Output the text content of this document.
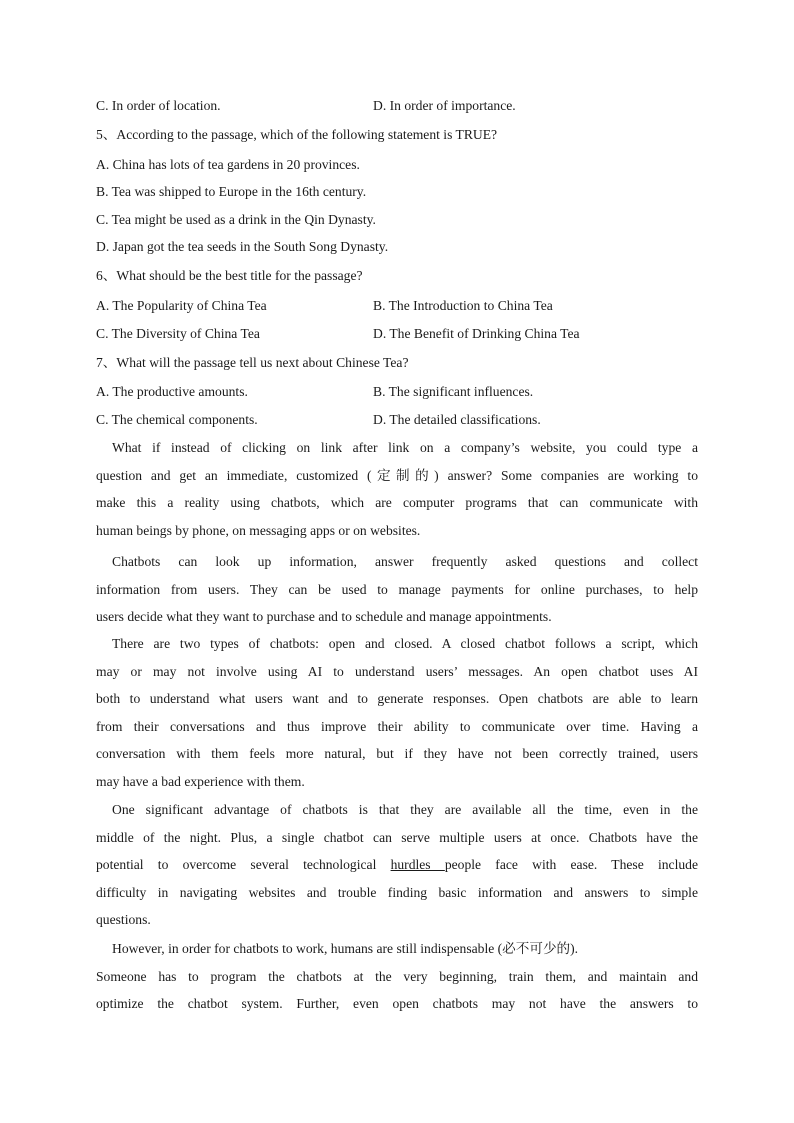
C. In order of location.	D. In order of importance.
5、According to the passage, which of the following statement is TRUE?
A. China has lots of tea gardens in 20 provinces.
B. Tea was shipped to Europe in the 16th century.
C. Tea might be used as a drink in the Qin Dynasty.
D. Japan got the tea seeds in the South Song Dynasty.
6、What should be the best title for the passage?
A. The Popularity of China Tea	B. The Introduction to China Tea
C. The Diversity of China Tea	D. The Benefit of Drinking China Tea
7、What will the passage tell us next about Chinese Tea?
A. The productive amounts.	B. The significant influences.
C. The chemical components.	D. The detailed classifications.
What if instead of clicking on link after link on a company’s website, you could type a
question and get an immediate, customized (定制的) answer? Some companies are working to
make this a reality using chatbots, which are computer programs that can communicate with
human beings by phone, on messaging apps or on websites.
Chatbots can look up information, answer frequently asked questions and collect
information from users. They can be used to manage payments for online purchases, to help
users decide what they want to purchase and to schedule and manage appointments.
There are two types of chatbots: open and closed. A closed chatbot follows a script, which
may or may not involve using AI to understand users’ messages. An open chatbot uses AI
both to understand what users want and to generate responses. Open chatbots are able to learn
from their conversations and thus improve their ability to communicate over time. Having a
conversation with them feels more natural, but if they have not been correctly trained, users
may have a bad experience with them.
One significant advantage of chatbots is that they are available all the time, even in the
middle of the night. Plus, a single chatbot can serve multiple users at once. Chatbots have the
potential to overcome several technological hurdles people face with ease. These include
difficulty in navigating websites and trouble finding basic information and answers to simple
questions.
However, in order for chatbots to work, humans are still indispensable (必不可少的).
Someone has to program the chatbots at the very beginning, train them, and maintain and
optimize the chatbot system. Further, even open chatbots may not have the answers to
